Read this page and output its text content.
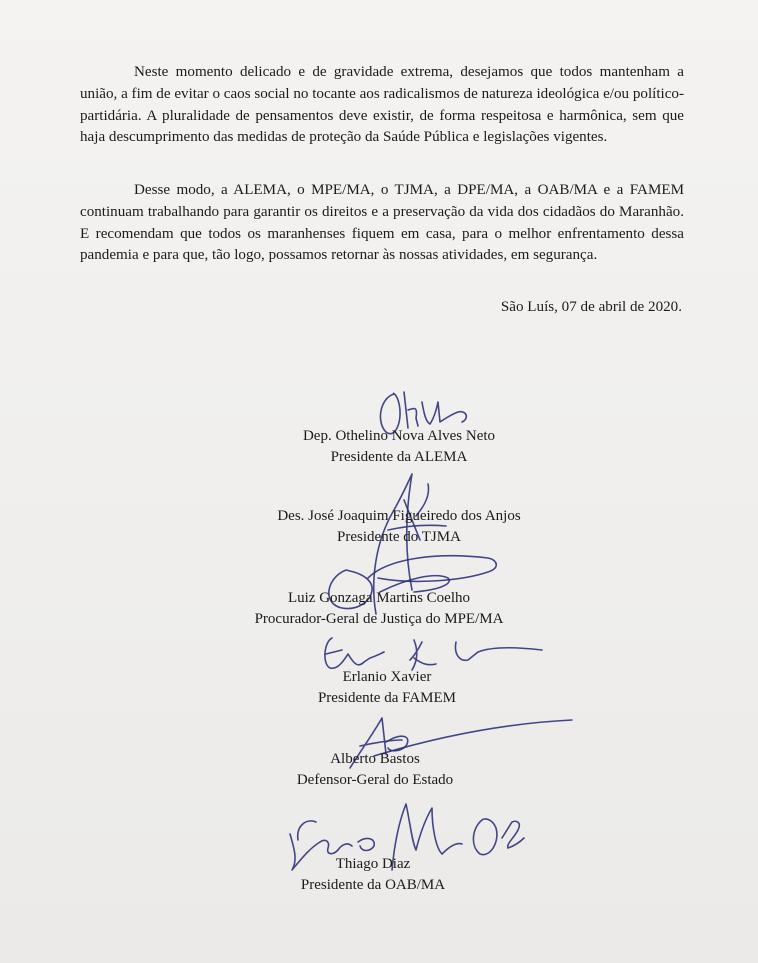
Neste momento delicado e de gravidade extrema, desejamos que todos mantenham a união, a fim de evitar o caos social no tocante aos radicalismos de natureza ideológica e/ou político-partidária. A pluralidade de pensamentos deve existir, de forma respeitosa e harmônica, sem que haja descumprimento das medidas de proteção da Saúde Pública e legislações vigentes.

Desse modo, a ALEMA, o MPE/MA, o TJMA, a DPE/MA, a OAB/MA e a FAMEM continuam trabalhando para garantir os direitos e a preservação da vida dos cidadãos do Maranhão. E recomendam que todos os maranhenses fiquem em casa, para o melhor enfrentamento dessa pandemia e para que, tão logo, possamos retornar às nossas atividades, em segurança.

São Luís, 07 de abril de 2020.

Dep. Othelino Nova Alves Neto
Presidente da ALEMA
Des. José Joaquim Figueiredo dos Anjos
Presidente do TJMA
Luiz Gonzaga Martins Coelho
Procurador-Geral de Justiça do MPE/MA
Erlanio Xavier
Presidente da FAMEM
Alberto Bastos
Defensor-Geral do Estado
Thiago Diaz
Presidente da OAB/MA
